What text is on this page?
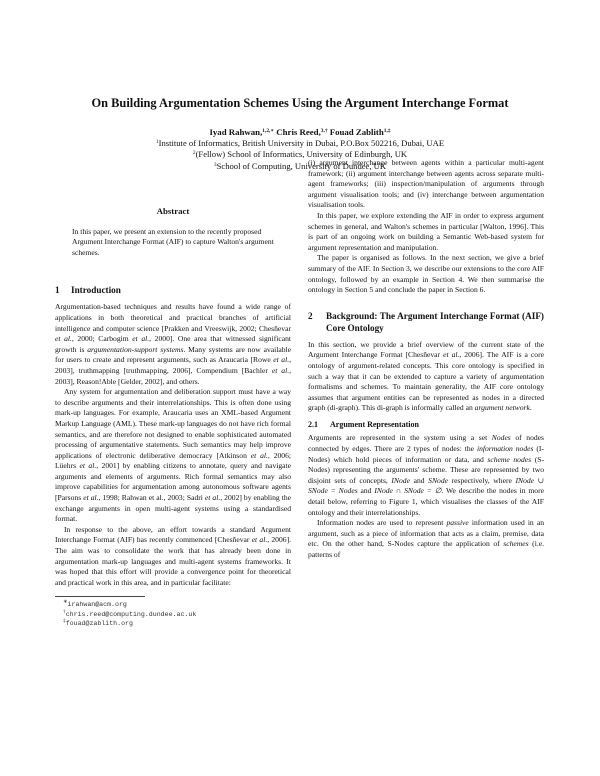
On Building Argumentation Schemes Using the Argument Interchange Format
Iyad Rahwan,$^{1,2,∗}$ Chris Reed,$^{3,\dagger}$ Fouad Zablith$^{1,\ddagger}$
$^1$Institute of Informatics, British University in Dubai, P.O.Box 502216, Dubai, UAE
$^2$(Fellow) School of Informatics, University of Edinburgh, UK
$^3$School of Computing, University of Dundee, UK
Abstract

In this paper, we present an extension to the recently proposed Argument Interchange Format (AIF) to capture Walton's argument schemes.

1 Introduction

Argumentation-based techniques and results have found a wide range of applications in both theoretical and practical branches of artificial intelligence and computer science [Prakken and Vreeswijk, 2002; Chesñevar et al., 2000; Carbogim et al., 2000]. One area that witnessed significant growth is argumentation-support systems. Many systems are now available for users to create and represent arguments, such as Araucaria [Rowe et al., 2003], truthmapping [truthmapping, 2006], Compendium [Bachler et al., 2003], Reason!Able [Gelder, 2002], and others.

Any system for argumentation and deliberation support must have a way to describe arguments and their interrelationships. This is often done using mark-up languages. For example, Araucaria uses an XML-based Argument Markup Language (AML). These mark-up languages do not have rich formal semantics, and are therefore not designed to enable sophisticated automated processing of argumentative statements. Such semantics may help improve applications of electronic deliberative democracy [Atkinson et al., 2006; Lüehrs et al., 2001] by enabling citizens to annotate, query and navigate arguments and elements of arguments. Rich formal semantics may also improve capabilities for argumentation among autonomous software agents [Parsons et al., 1998; Rahwan et al., 2003; Sadri et al., 2002] by enabling the exchange arguments in open multi-agent systems using a standardised format.

In response to the above, an effort towards a standard Argument Interchange Format (AIF) has recently commenced [Chesñevar et al., 2006]. The aim was to consolidate the work that has already been done in argumentation mark-up languages and multi-agent systems frameworks. It was hoped that this effort will provide a convergence point for theoretical and practical work in this area, and in particular facilitate:

∗irahwan@acm.org
†chris.reed@computing.dundee.ac.uk
‡fouad@zablith.org

(i) argument interchange between agents within a particular multi-agent framework; (ii) argument interchange between agents across separate multi-agent frameworks; (iii) inspection/manipulation of arguments through argument visualisation tools; and (iv) interchange between argumentation visualisation tools.

In this paper, we explore extending the AIF in order to express argument schemes in general, and Walton's schemes in particular [Walton, 1996]. This is part of an ongoing work on building a Semantic Web-based system for argument representation and manipulation.

The paper is organised as follows. In the next section, we give a brief summary of the AIF. In Section 3, we describe our extensions to the core AIF ontology, followed by an example in Section 4. We then summarise the ontology in Section 5 and conclude the paper in Section 6.

2	Background: The Argument Interchange Format (AIF) Core Ontology

In this section, we provide a brief overview of the current state of the Argument Interchange Format [Chesñevar et al., 2006]. The AIF is a core ontology of argument-related concepts. This core ontology is specified in such a way that it can be extended to capture a variety of argumentation formalisms and schemes. To maintain generality, the AIF core ontology assumes that argument entities can be represented as nodes in a directed graph (di-graph). This di-graph is informally called an argument network.

2.1 Argument Representation

Arguments are represented in the system using a set Nodes of nodes connected by edges. There are 2 types of nodes: the information nodes (I-Nodes) which hold pieces of information or data, and scheme nodes (S-Nodes) representing the arguments' scheme. These are represented by two disjoint sets of concepts, INode and SNode respectively, where INode ∪ SNode = Nodes and INode ∩ SNode = ∅. We describe the nodes in more detail below, referring to Figure 1, which visualises the classes of the AIF ontology and their interrelationships.

Information nodes are used to represent passive information used in an argument, such as a piece of information that acts as a claim, premise, data etc. On the other hand, S-Nodes capture the application of schemes (i.e. patterns of
